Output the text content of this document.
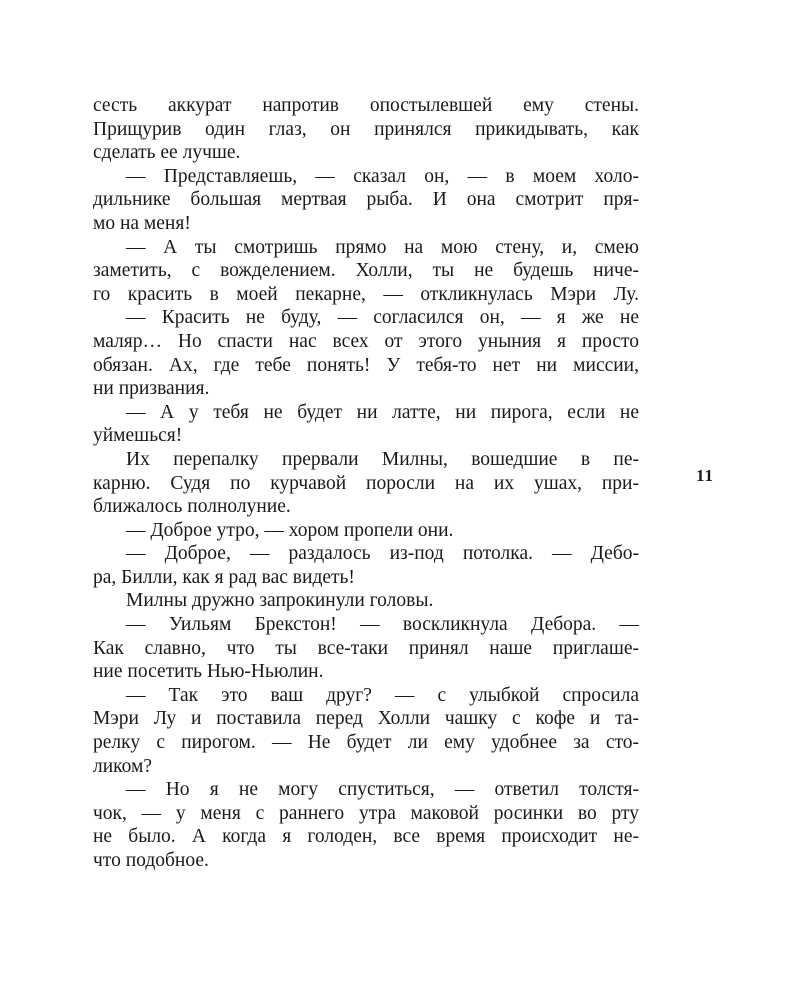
сесть аккурат напротив опостылевшей ему стены.
Прищурив один глаз, он принялся прикидывать, как
сделать ее лучше.
— Представляешь, — сказал он, — в моем холо-
дильнике большая мертвая рыба. И она смотрит пря-
мо на меня!
— А ты смотришь прямо на мою стену, и, смею
заметить, с вожделением. Холли, ты не будешь ниче-
го красить в моей пекарне, — откликнулась Мэри Лу.
— Красить не буду, — согласился он, — я же не
маляр… Но спасти нас всех от этого уныния я просто
обязан. Ах, где тебе понять! У тебя-то нет ни миссии,
ни призвания.
— А у тебя не будет ни латте, ни пирога, если не
уймешься!
Их перепалку прервали Милны, вошедшие в пе-
карню. Судя по курчавой поросли на их ушах, при-
ближалось полнолуние.
— Доброе утро, — хором пропели они.
— Доброе, — раздалось из-под потолка. — Дебо-
ра, Билли, как я рад вас видеть!
Милны дружно запрокинули головы.
— Уильям Брекстон! — воскликнула Дебора. —
Как славно, что ты все-таки принял наше приглаше-
ние посетить Нью-Ньюлин.
— Так это ваш друг? — с улыбкой спросила
Мэри Лу и поставила перед Холли чашку с кофе и та-
релку с пирогом. — Не будет ли ему удобнее за сто-
ликом?
— Но я не могу спуститься, — ответил толстя-
чок, — у меня с раннего утра маковой росинки во рту
не было. А когда я голоден, все время происходит не-
что подобное.
11
